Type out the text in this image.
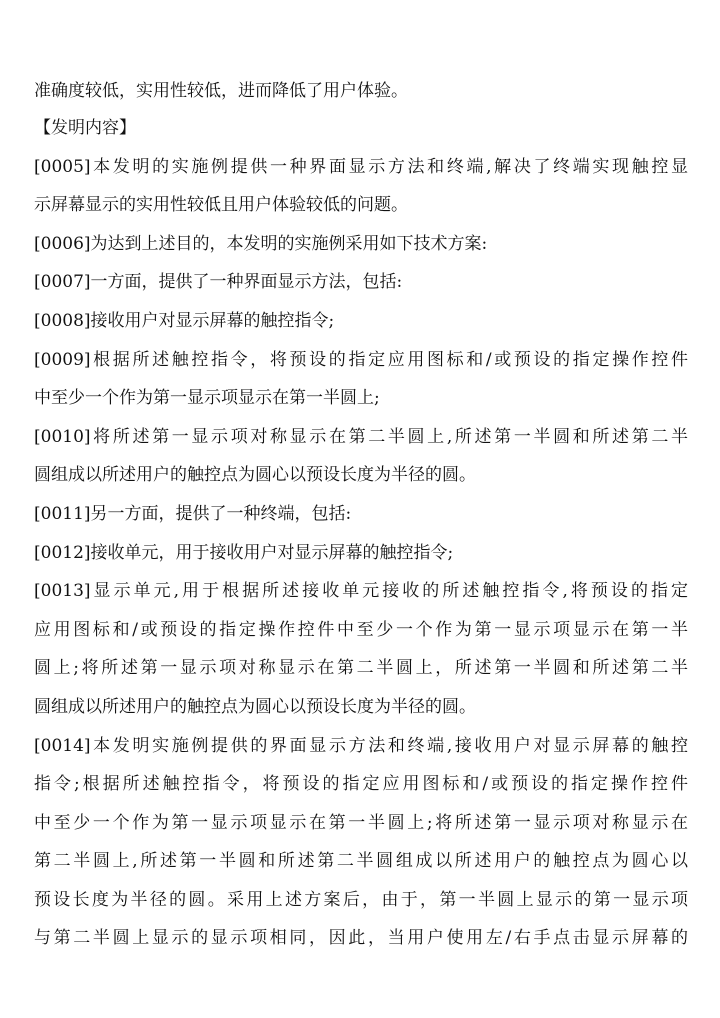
准确度较低，实用性较低，进而降低了用户体验。
【发明内容】
[0005]本发明的实施例提供一种界面显示方法和终端,解决了终端实现触控显
示屏幕显示的实用性较低且用户体验较低的问题。
[0006]为达到上述目的，本发明的实施例采用如下技术方案:
[0007]一方面，提供了一种界面显示方法，包括:
[0008]接收用户对显示屏幕的触控指令;
[0009]根据所述触控指令，将预设的指定应用图标和/或预设的指定操作控件
中至少一个作为第一显示项显示在第一半圆上;
[0010]将所述第一显示项对称显示在第二半圆上,所述第一半圆和所述第二半
圆组成以所述用户的触控点为圆心以预设长度为半径的圆。
[0011]另一方面，提供了一种终端，包括:
[0012]接收单元，用于接收用户对显示屏幕的触控指令;
[0013]显示单元,用于根据所述接收单元接收的所述触控指令,将预设的指定
应用图标和/或预设的指定操作控件中至少一个作为第一显示项显示在第一半
圆上;将所述第一显示项对称显示在第二半圆上，所述第一半圆和所述第二半
圆组成以所述用户的触控点为圆心以预设长度为半径的圆。
[0014]本发明实施例提供的界面显示方法和终端,接收用户对显示屏幕的触控
指令;根据所述触控指令，将预设的指定应用图标和/或预设的指定操作控件
中至少一个作为第一显示项显示在第一半圆上;将所述第一显示项对称显示在
第二半圆上,所述第一半圆和所述第二半圆组成以所述用户的触控点为圆心以
预设长度为半径的圆。采用上述方案后，由于，第一半圆上显示的第一显示项
与第二半圆上显示的显示项相同，因此，当用户使用左/右手点击显示屏幕的
